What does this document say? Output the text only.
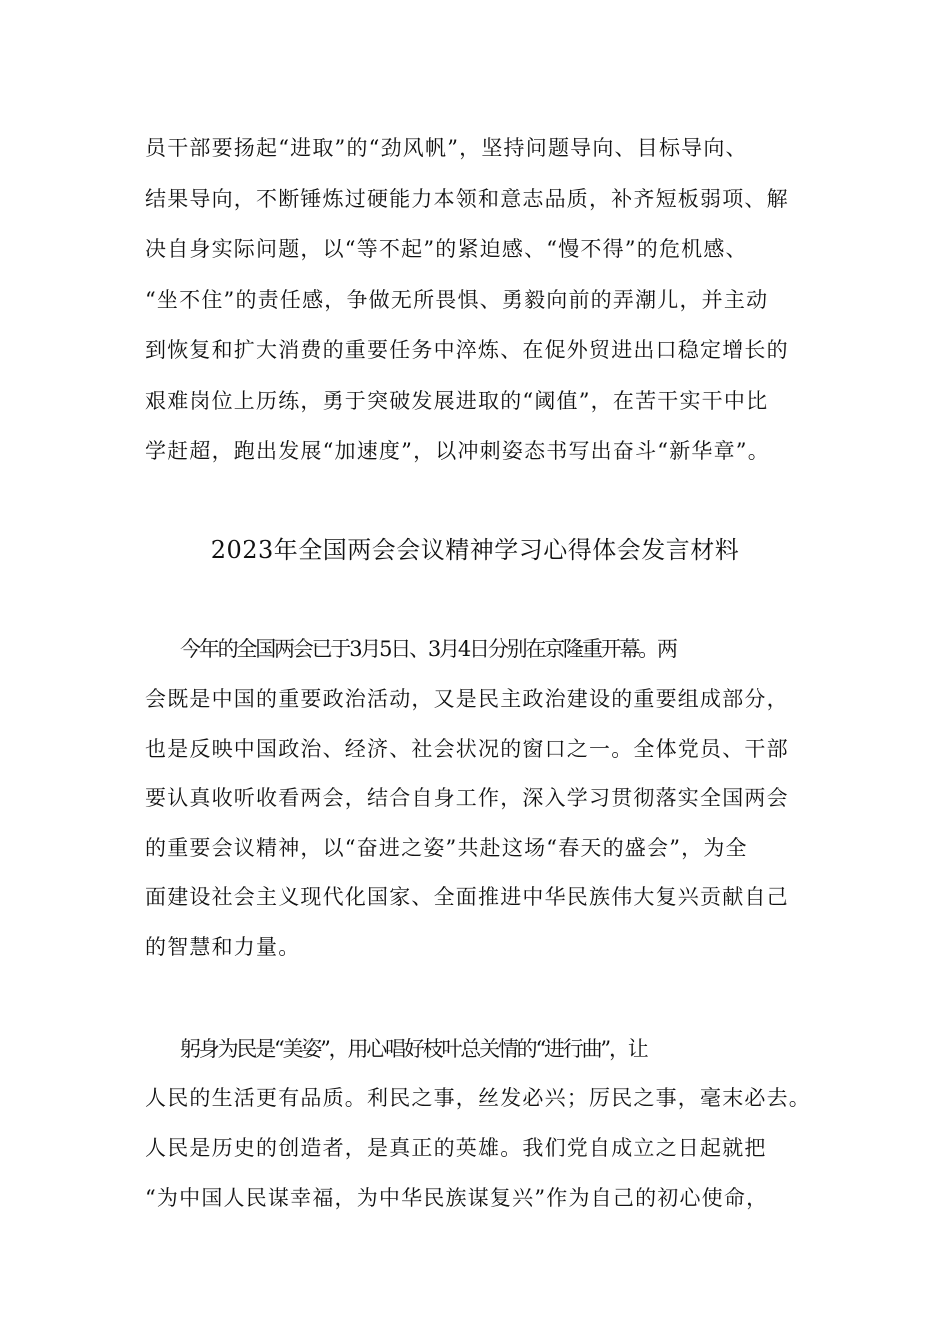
员干部要扬起“进取”的“劲风帆”，坚持问题导向、目标导向、
结果导向，不断锤炼过硬能力本领和意志品质，补齐短板弱项、解
决自身实际问题，以“等不起”的紧迫感、“慢不得”的危机感、
“坐不住”的责任感，争做无所畏惧、勇毅向前的弄潮儿，并主动
到恢复和扩大消费的重要任务中淬炼、在促外贸进出口稳定增长的
艰难岗位上历练，勇于突破发展进取的“阈值”，在苦干实干中比
学赶超，跑出发展“加速度”，以冲刺姿态书写出奋斗“新华章”。
2023年全国两会会议精神学习心得体会发言材料
今年的全国两会已于3月5日、3月4日分别在京隆重开幕。两
会既是中国的重要政治活动，又是民主政治建设的重要组成部分，
也是反映中国政治、经济、社会状况的窗口之一。全体党员、干部
要认真收听收看两会，结合自身工作，深入学习贯彻落实全国两会
的重要会议精神，以“奋进之姿”共赴这场“春天的盛会”，为全
面建设社会主义现代化国家、全面推进中华民族伟大复兴贡献自己
的智慧和力量。
躬身为民是“美姿”，用心唱好枝叶总关情的“进行曲”，让
人民的生活更有品质。利民之事，丝发必兴；厉民之事，毫末必去。
人民是历史的创造者，是真正的英雄。我们党自成立之日起就把
“为中国人民谋幸福，为中华民族谋复兴”作为自己的初心使命，
